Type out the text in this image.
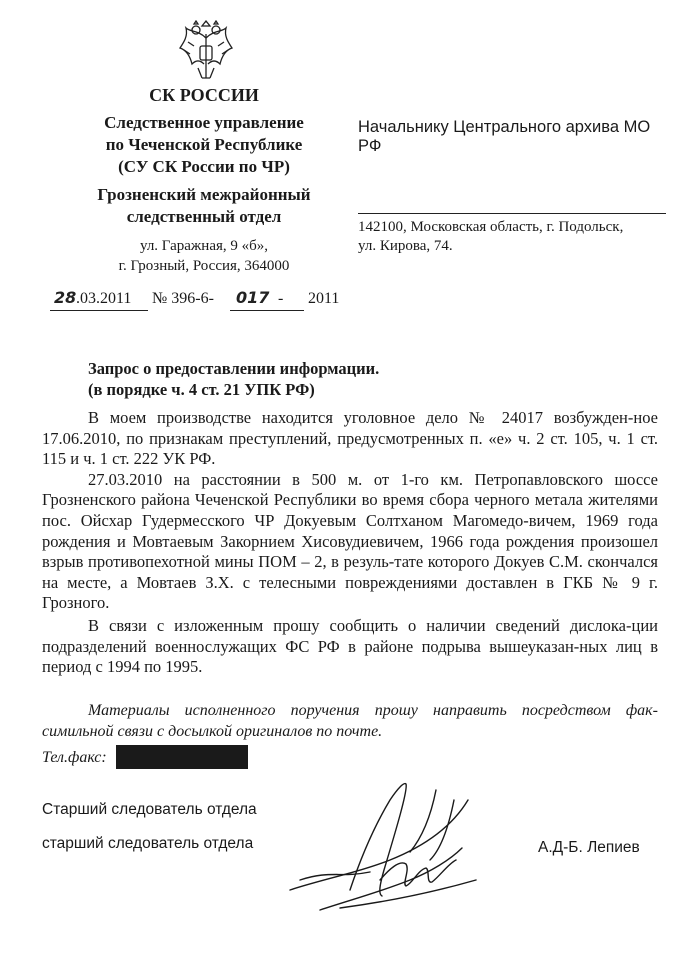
СК РОССИИ
Следственное управление
по Чеченской Республике
(СУ СК России по ЧР)
Грозненский межрайонный
следственный отдел
ул. Гаражная, 9 «б»,
г. Грозный, Россия, 364000
28 .03.2011 № 396-6- 017 - 2011
Начальнику Центрального архива МО
РФ
142100, Московская область, г. Подольск,
ул. Кирова, 74.
Запрос о предоставлении информации.
(в порядке ч. 4 ст. 21 УПК РФ)

В моем производстве находится уголовное дело № 24017 возбужден-ное 17.06.2010, по признакам преступлений, предусмотренных п. «е» ч. 2 ст. 105, ч. 1 ст. 115 и ч. 1 ст. 222 УК РФ.

27.03.2010 на расстоянии в 500 м. от 1-го км. Петропавловского шоссе Грозненского района Чеченской Республики во время сбора черного метала жителями пос. Ойсхар Гудермесского ЧР Докуевым Солтханом Магомедо-вичем, 1969 года рождения и Мовтаевым Закорнием Хисовудиевичем, 1966 года рождения произошел взрыв противопехотной мины ПОМ – 2, в резуль-тате которого Докуев С.М. скончался на месте, а Мовтаев З.Х. с телесными повреждениями доставлен в ГКБ № 9 г. Грозного.

В связи с изложенным прошу сообщить о наличии сведений дислока-ции подразделений военнослужащих ФС РФ в районе подрыва вышеуказан-ных лиц в период с 1994 по 1995.

Материалы исполненного поручения прошу направить посредством фак-симильной связи с досылкой оригиналов по почте.
Тел.факс:
Старший следователь отдела
старший следователь отдела	А.Д-Б. Лепиев
